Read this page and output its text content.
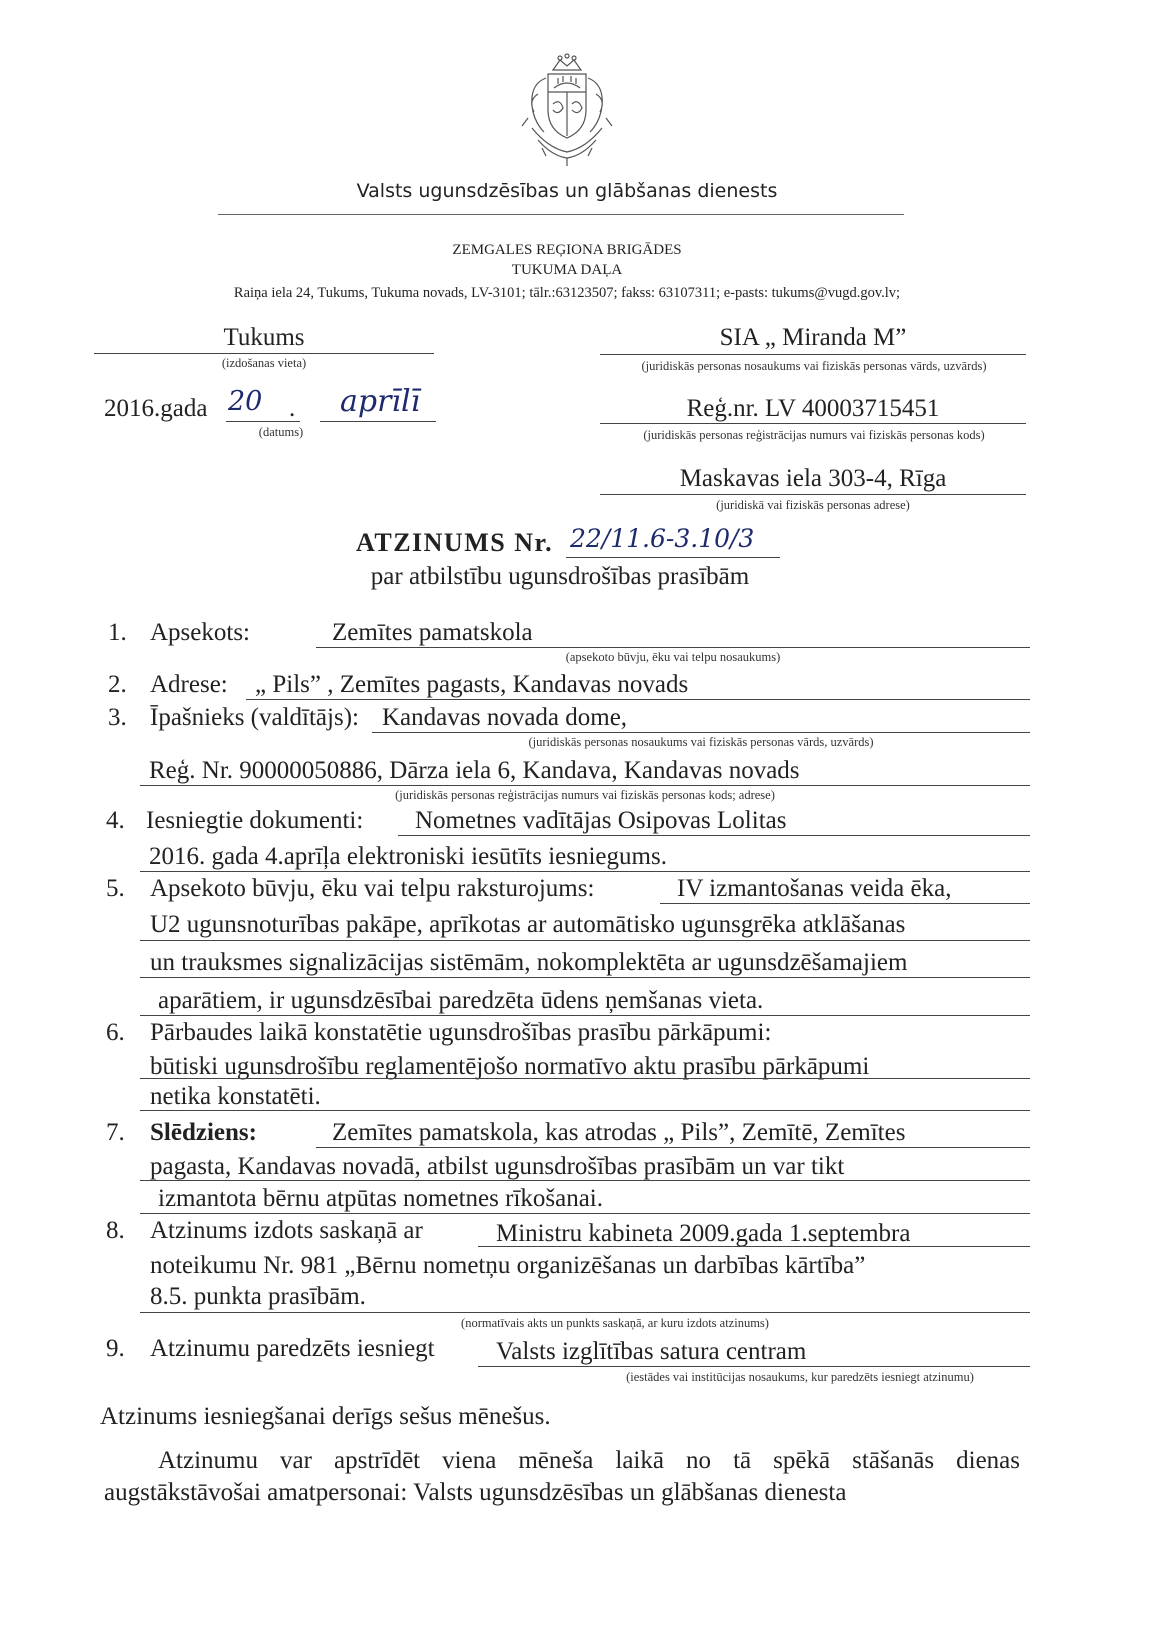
Valsts ugunsdzēsības un glābšanas dienests
ZEMGALES REĢIONA BRIGĀDES
TUKUMA DAĻA
Raiņa iela 24, Tukums, Tukuma novads, LV-3101; tālr.:63123507; fakss: 63107311; e-pasts: tukums@vugd.gov.lv;
Tukums
(izdošanas vieta)
2016.gada 20 . aprīlī
(datums)
SIA „ Miranda M”
(juridiskās personas nosaukums vai fiziskās personas vārds, uzvārds)
Reģ.nr. LV 40003715451
(juridiskās personas reģistrācijas numurs vai fiziskās personas kods)
Maskavas iela 303-4, Rīga
(juridiskā vai fiziskās personas adrese)
ATZINUMS Nr. 22/11.6-3.10/3
par atbilstību ugunsdrošības prasībām
1. Apsekots:	Zemītes pamatskola
(apsekoto būvju, ēku vai telpu nosaukums)
2. Adrese: „ Pils” , Zemītes pagasts, Kandavas novads
3. Īpašnieks (valdītājs): Kandavas novada dome,
(juridiskās personas nosaukums vai fiziskās personas vārds, uzvārds)
Reģ. Nr. 90000050886, Dārza iela 6, Kandava, Kandavas novads
(juridiskās personas reģistrācijas numurs vai fiziskās personas kods; adrese)
4. Iesniegtie dokumenti: Nometnes vadītājas Osipovas Lolitas
2016. gada 4.aprīļa elektroniski iesūtīts iesniegums.
5. Apsekoto būvju, ēku vai telpu raksturojums:	IV izmantošanas veida ēka,
U2 ugunsnoturības pakāpe, aprīkotas ar automātisko ugunsgrēka atklāšanas
un trauksmes signalizācijas sistēmām, nokomplektēta ar ugunsdzēšamajiem
aparātiem, ir ugunsdzēsībai paredzēta ūdens ņemšanas vieta.
6. Pārbaudes laikā konstatētie ugunsdrošības prasību pārkāpumi:
būtiski ugunsdrošību reglamentējošo normatīvo aktu prasību pārkāpumi
netika konstatēti.
7. Slēdziens:	Zemītes pamatskola, kas atrodas „ Pils”, Zemītē, Zemītes
pagasta, Kandavas novadā, atbilst ugunsdrošības prasībām un var tikt
izmantota bērnu atpūtas nometnes rīkošanai.
8. Atzinums izdots saskaņā ar	Ministru kabineta 2009.gada 1.septembra
noteikumu Nr. 981 „Bērnu nometņu organizēšanas un darbības kārtība”
8.5. punkta prasībām.
(normatīvais akts un punkts saskaņā, ar kuru izdots atzinums)
9. Atzinumu paredzēts iesniegt Valsts izglītības satura centram
(iestādes vai institūcijas nosaukums, kur paredzēts iesniegt atzinumu)
Atzinums iesniegšanai derīgs sešus mēnešus.
Atzinumu var apstrīdēt viena mēneša laikā no tā spēkā stāšanās dienas
augstākstāvošai amatpersonai: Valsts ugunsdzēsības un glābšanas dienesta
